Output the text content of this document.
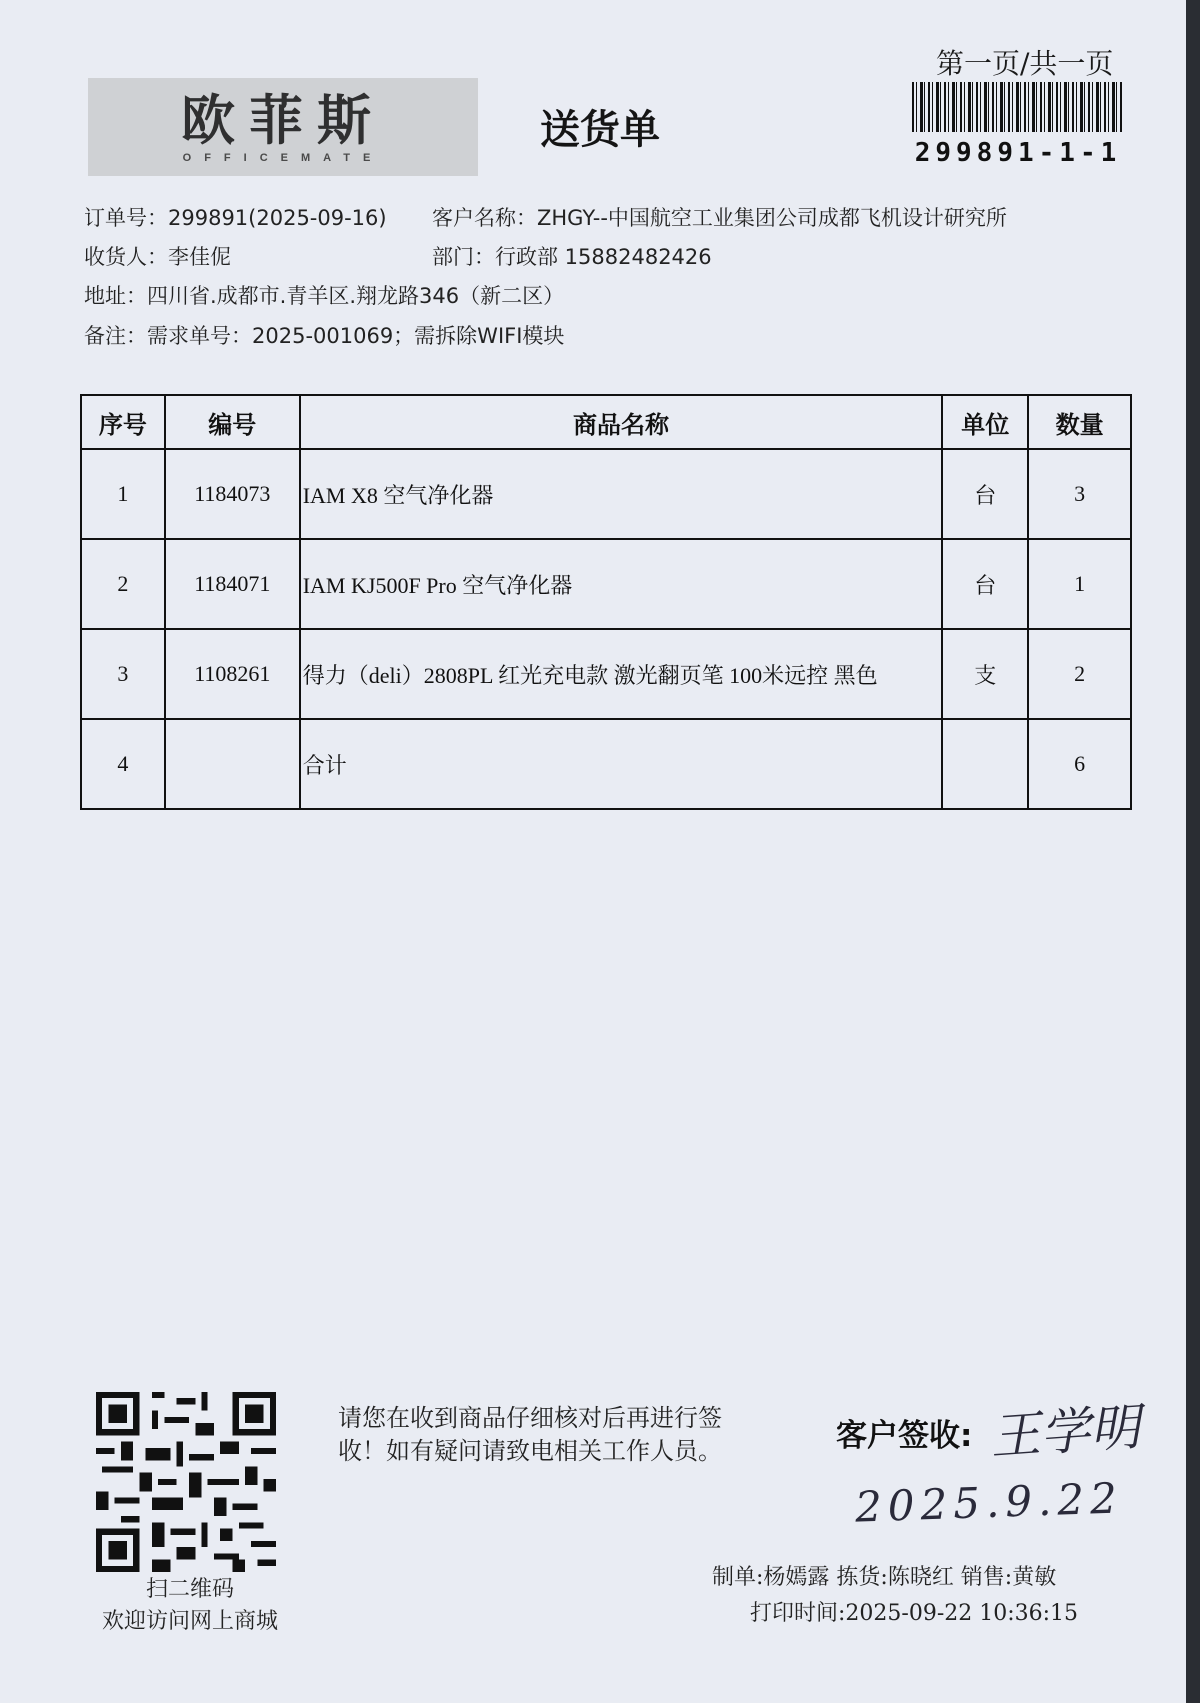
欧菲斯
OFFICEMATE
送货单
第一页/共一页
299891-1-1
订单号：299891(2025-09-16) 客户名称：ZHGY--中国航空工业集团公司成都飞机设计研究所
收货人：李佳伲	部门：行政部 15882482426
地址：四川省.成都市.青羊区.翔龙路346（新二区）
备注：需求单号：2025-001069；需拆除WIFI模块
序号	编号	商品名称	单位	数量
1	1184073	IAM X8 空气净化器	台	3
2	1184071	IAM KJ500F Pro 空气净化器	台	1
3	1108261	得力（deli）2808PL 红光充电款 激光翻页笔 100米远控 黑色	支	2
4		合计		6
扫二维码
欢迎访问网上商城
请您在收到商品仔细核对后再进行签收！如有疑问请致电相关工作人员。	客户签收: 王学明
2025.9.22
制单:杨嫣露 拣货:陈晓红 销售:黄敏
打印时间:2025-09-22 10:36:15
